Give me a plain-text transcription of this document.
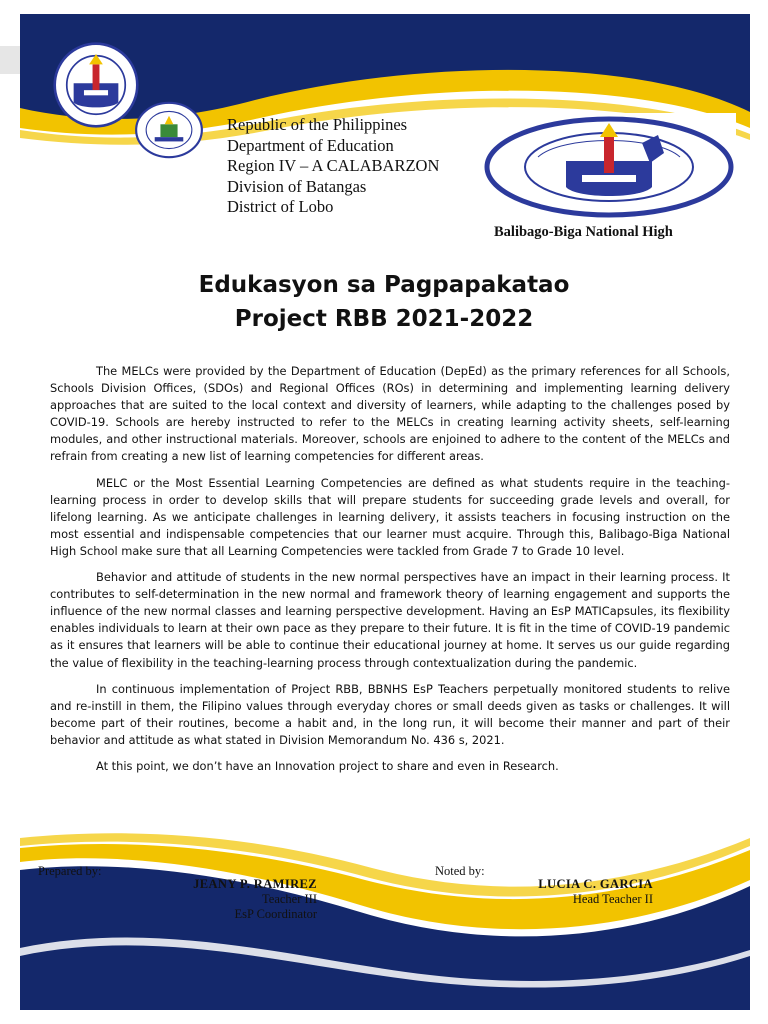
Republic of the Philippines
Department of Education
Region IV – A CALABARZON
Division of Batangas
District of Lobo
Balibago-Biga National High
Edukasyon sa Pagpapakatao
Project RBB 2021-2022

The MELCs were provided by the Department of Education (DepEd) as the primary references for all Schools, Schools Division Offices, (SDOs) and Regional Offices (ROs) in determining and implementing learning delivery approaches that are suited to the local context and diversity of learners, while adapting to the challenges posed by COVID-19. Schools are hereby instructed to refer to the MELCs in creating learning activity sheets, self-learning modules, and other instructional materials. Moreover, schools are enjoined to adhere to the content of the MELCs and refrain from creating a new list of learning competencies for different areas.

MELC or the Most Essential Learning Competencies are defined as what students require in the teaching-learning process in order to develop skills that will prepare students for succeeding grade levels and overall, for lifelong learning. As we anticipate challenges in learning delivery, it assists teachers in focusing instruction on the most essential and indispensable competencies that our learner must acquire. Through this, Balibago-Biga National High School make sure that all Learning Competencies were tackled from Grade 7 to Grade 10 level.

Behavior and attitude of students in the new normal perspectives have an impact in their learning process. It contributes to self-determination in the new normal and framework theory of learning engagement and supports the influence of the new normal classes and learning perspective development. Having an EsP MATICapsules, its flexibility enables individuals to learn at their own pace as they prepare to their future. It is fit in the time of COVID-19 pandemic as it ensures that learners will be able to continue their educational journey at home. It serves us our guide regarding the value of flexibility in the teaching-learning process through contextualization during the pandemic.

In continuous implementation of Project RBB, BBNHS EsP Teachers perpetually monitored students to relive and re-instill in them, the Filipino values through everyday chores or small deeds given as tasks or challenges. It will become part of their routines, become a habit and, in the long run, it will become their manner and part of their behavior and attitude as what stated in Division Memorandum No. 436 s, 2021.

At this point, we don’t have an Innovation project to share and even in Research.

Prepared by:
JEANY P. RAMIREZ
Teacher III
EsP Coordinator
Noted by:
LUCIA C. GARCIA
Head Teacher II
